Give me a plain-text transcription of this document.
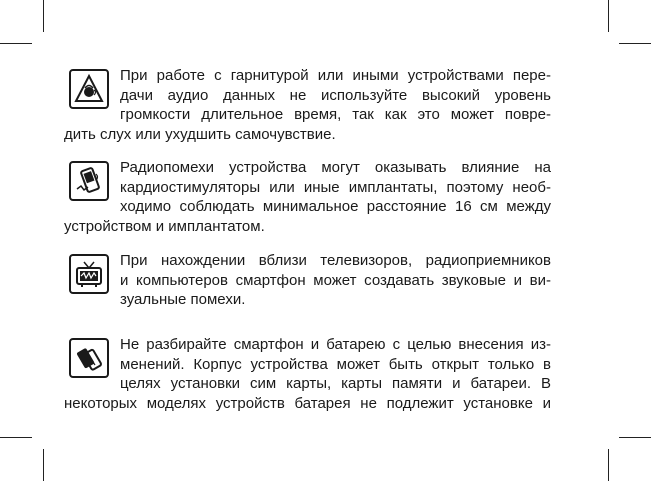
При работе с гарнитурой или иными устройствами пере-
дачи аудио данных не используйте высокий уровень
громкости длительное время, так как это может повре-
дить слух или ухудшить самочувствие.
Радиопомехи устройства могут оказывать влияние на
кардиостимуляторы или иные имплантаты, поэтому необ-
ходимо соблюдать минимальное расстояние 16 см между
устройством и имплантатом.
При нахождении вблизи телевизоров, радиоприемников
и компьютеров смартфон может создавать звуковые и ви-
зуальные помехи.
Не разбирайте смартфон и батарею с целью внесения из-
менений. Корпус устройства может быть открыт только в
целях установки сим карты, карты памяти и батареи. В
некоторых моделях устройств батарея не подлежит установке и
